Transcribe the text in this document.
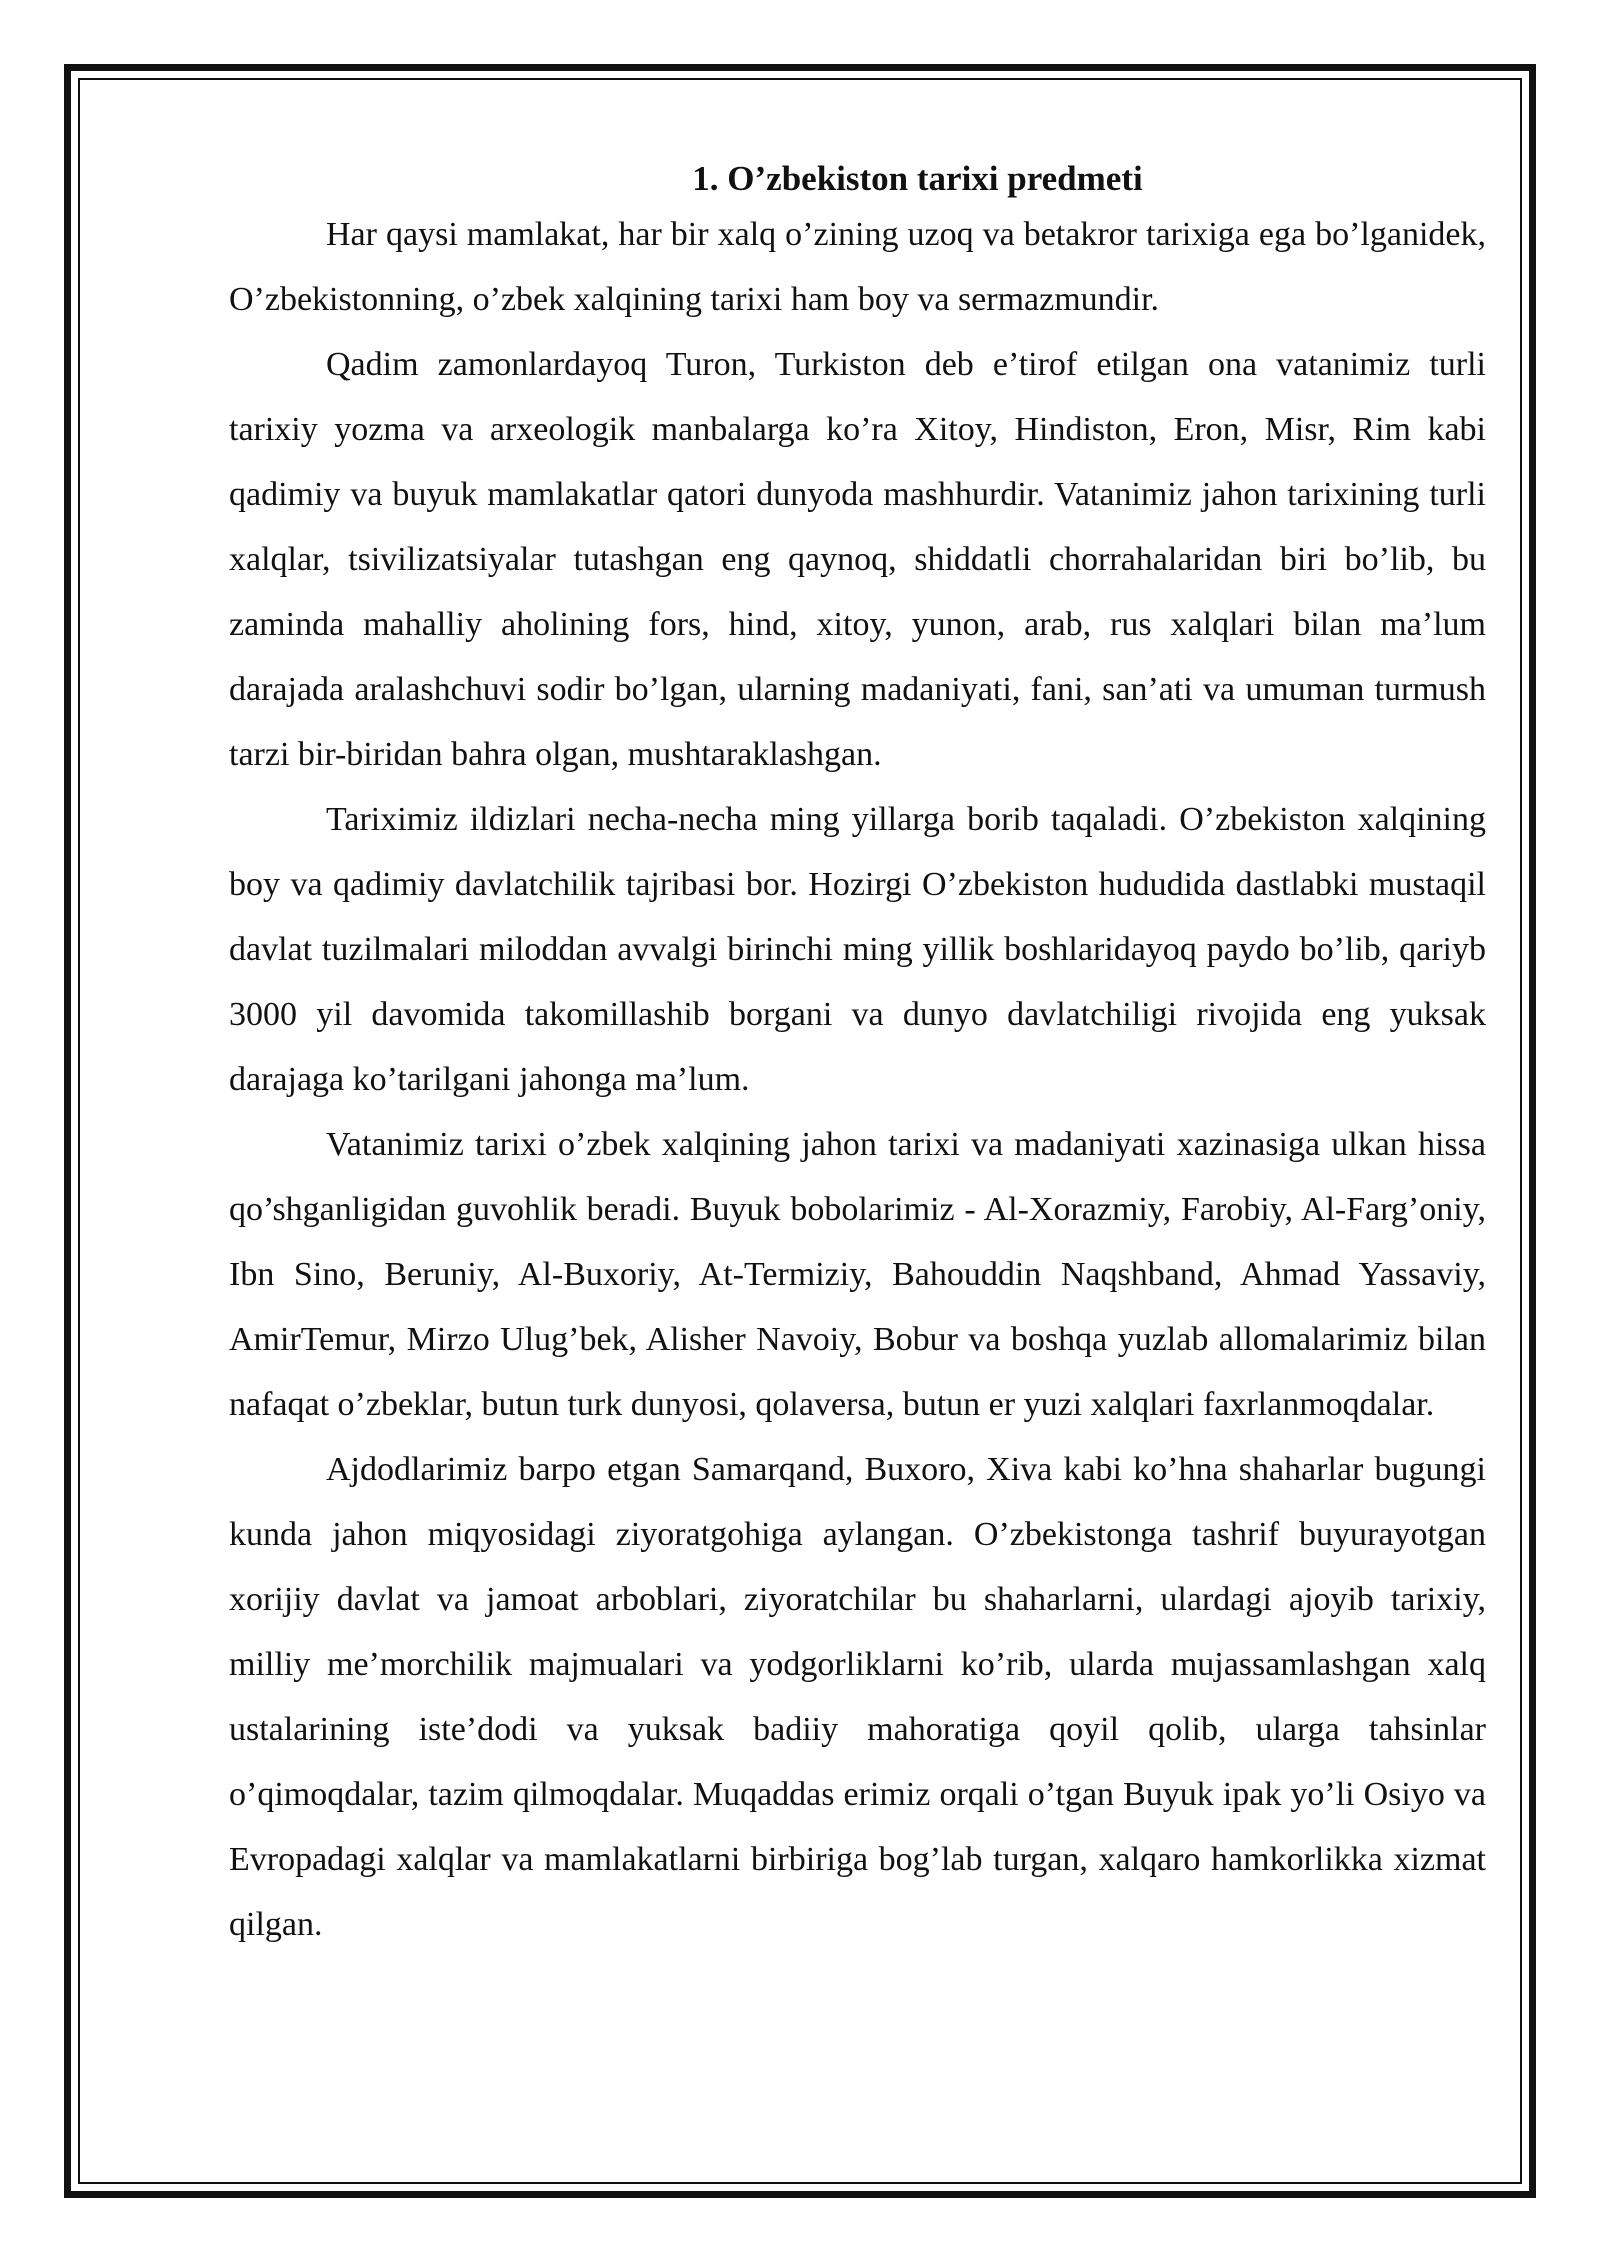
1. O’zbekiston tarixi predmeti

Har qaysi mamlakat, har bir xalq o’zining uzoq va betakror tarixiga ega bo’lganidek, O’zbekistonning, o’zbek xalqining tarixi ham boy va sermazmundir.

Qadim zamonlardayoq Turon, Turkiston deb e’tirof etilgan ona vatanimiz turli tarixiy yozma va arxeologik manbalarga ko’ra Xitoy, Hindiston, Eron, Misr, Rim kabi qadimiy va buyuk mamlakatlar qatori dunyoda mashhurdir. Vatanimiz jahon tarixining turli xalqlar, tsivilizatsiyalar tutashgan eng qaynoq, shiddatli chorrahalaridan biri bo’lib, bu zaminda mahalliy aholining fors, hind, xitoy, yunon, arab, rus xalqlari bilan ma’lum darajada aralashchuvi sodir bo’lgan, ularning madaniyati, fani, san’ati va umuman turmush tarzi bir-biridan bahra olgan, mushtaraklashgan.

Tariximiz ildizlari necha-necha ming yillarga borib taqaladi. O’zbekiston xalqining boy va qadimiy davlatchilik tajribasi bor. Hozirgi O’zbekiston hududida dastlabki mustaqil davlat tuzilmalari miloddan avvalgi birinchi ming yillik boshlaridayoq paydo bo’lib, qariyb 3000 yil davomida takomillashib borgani va dunyo davlatchiligi rivojida eng yuksak darajaga ko’tarilgani jahonga ma’lum.

Vatanimiz tarixi o’zbek xalqining jahon tarixi va madaniyati xazinasiga ulkan hissa qo’shganligidan guvohlik beradi. Buyuk bobolarimiz - Al-Xorazmiy, Farobiy, Al-Farg’oniy, Ibn Sino, Beruniy, Al-Buxoriy, At-Termiziy, Bahouddin Naqshband, Ahmad Yassaviy, AmirTemur, Mirzo Ulug’bek, Alisher Navoiy, Bobur va boshqa yuzlab allomalarimiz bilan nafaqat o’zbeklar, butun turk dunyosi, qolaversa, butun er yuzi xalqlari faxrlanmoqdalar.

Ajdodlarimiz barpo etgan Samarqand, Buxoro, Xiva kabi ko’hna shaharlar bugungi kunda jahon miqyosidagi ziyoratgohiga aylangan. O’zbekistonga tashrif buyurayotgan xorijiy davlat va jamoat arboblari, ziyoratchilar bu shaharlarni, ulardagi ajoyib tarixiy, milliy me’morchilik majmualari va yodgorliklarni ko’rib, ularda mujassamlashgan xalq ustalarining iste’dodi va yuksak badiiy mahoratiga qoyil qolib, ularga tahsinlar o’qimoqdalar, tazim qilmoqdalar. Muqaddas erimiz orqali o’tgan Buyuk ipak yo’li Osiyo va Evropadagi xalqlar va mamlakatlarni birbiriga bog’lab turgan, xalqaro hamkorlikka xizmat qilgan.
